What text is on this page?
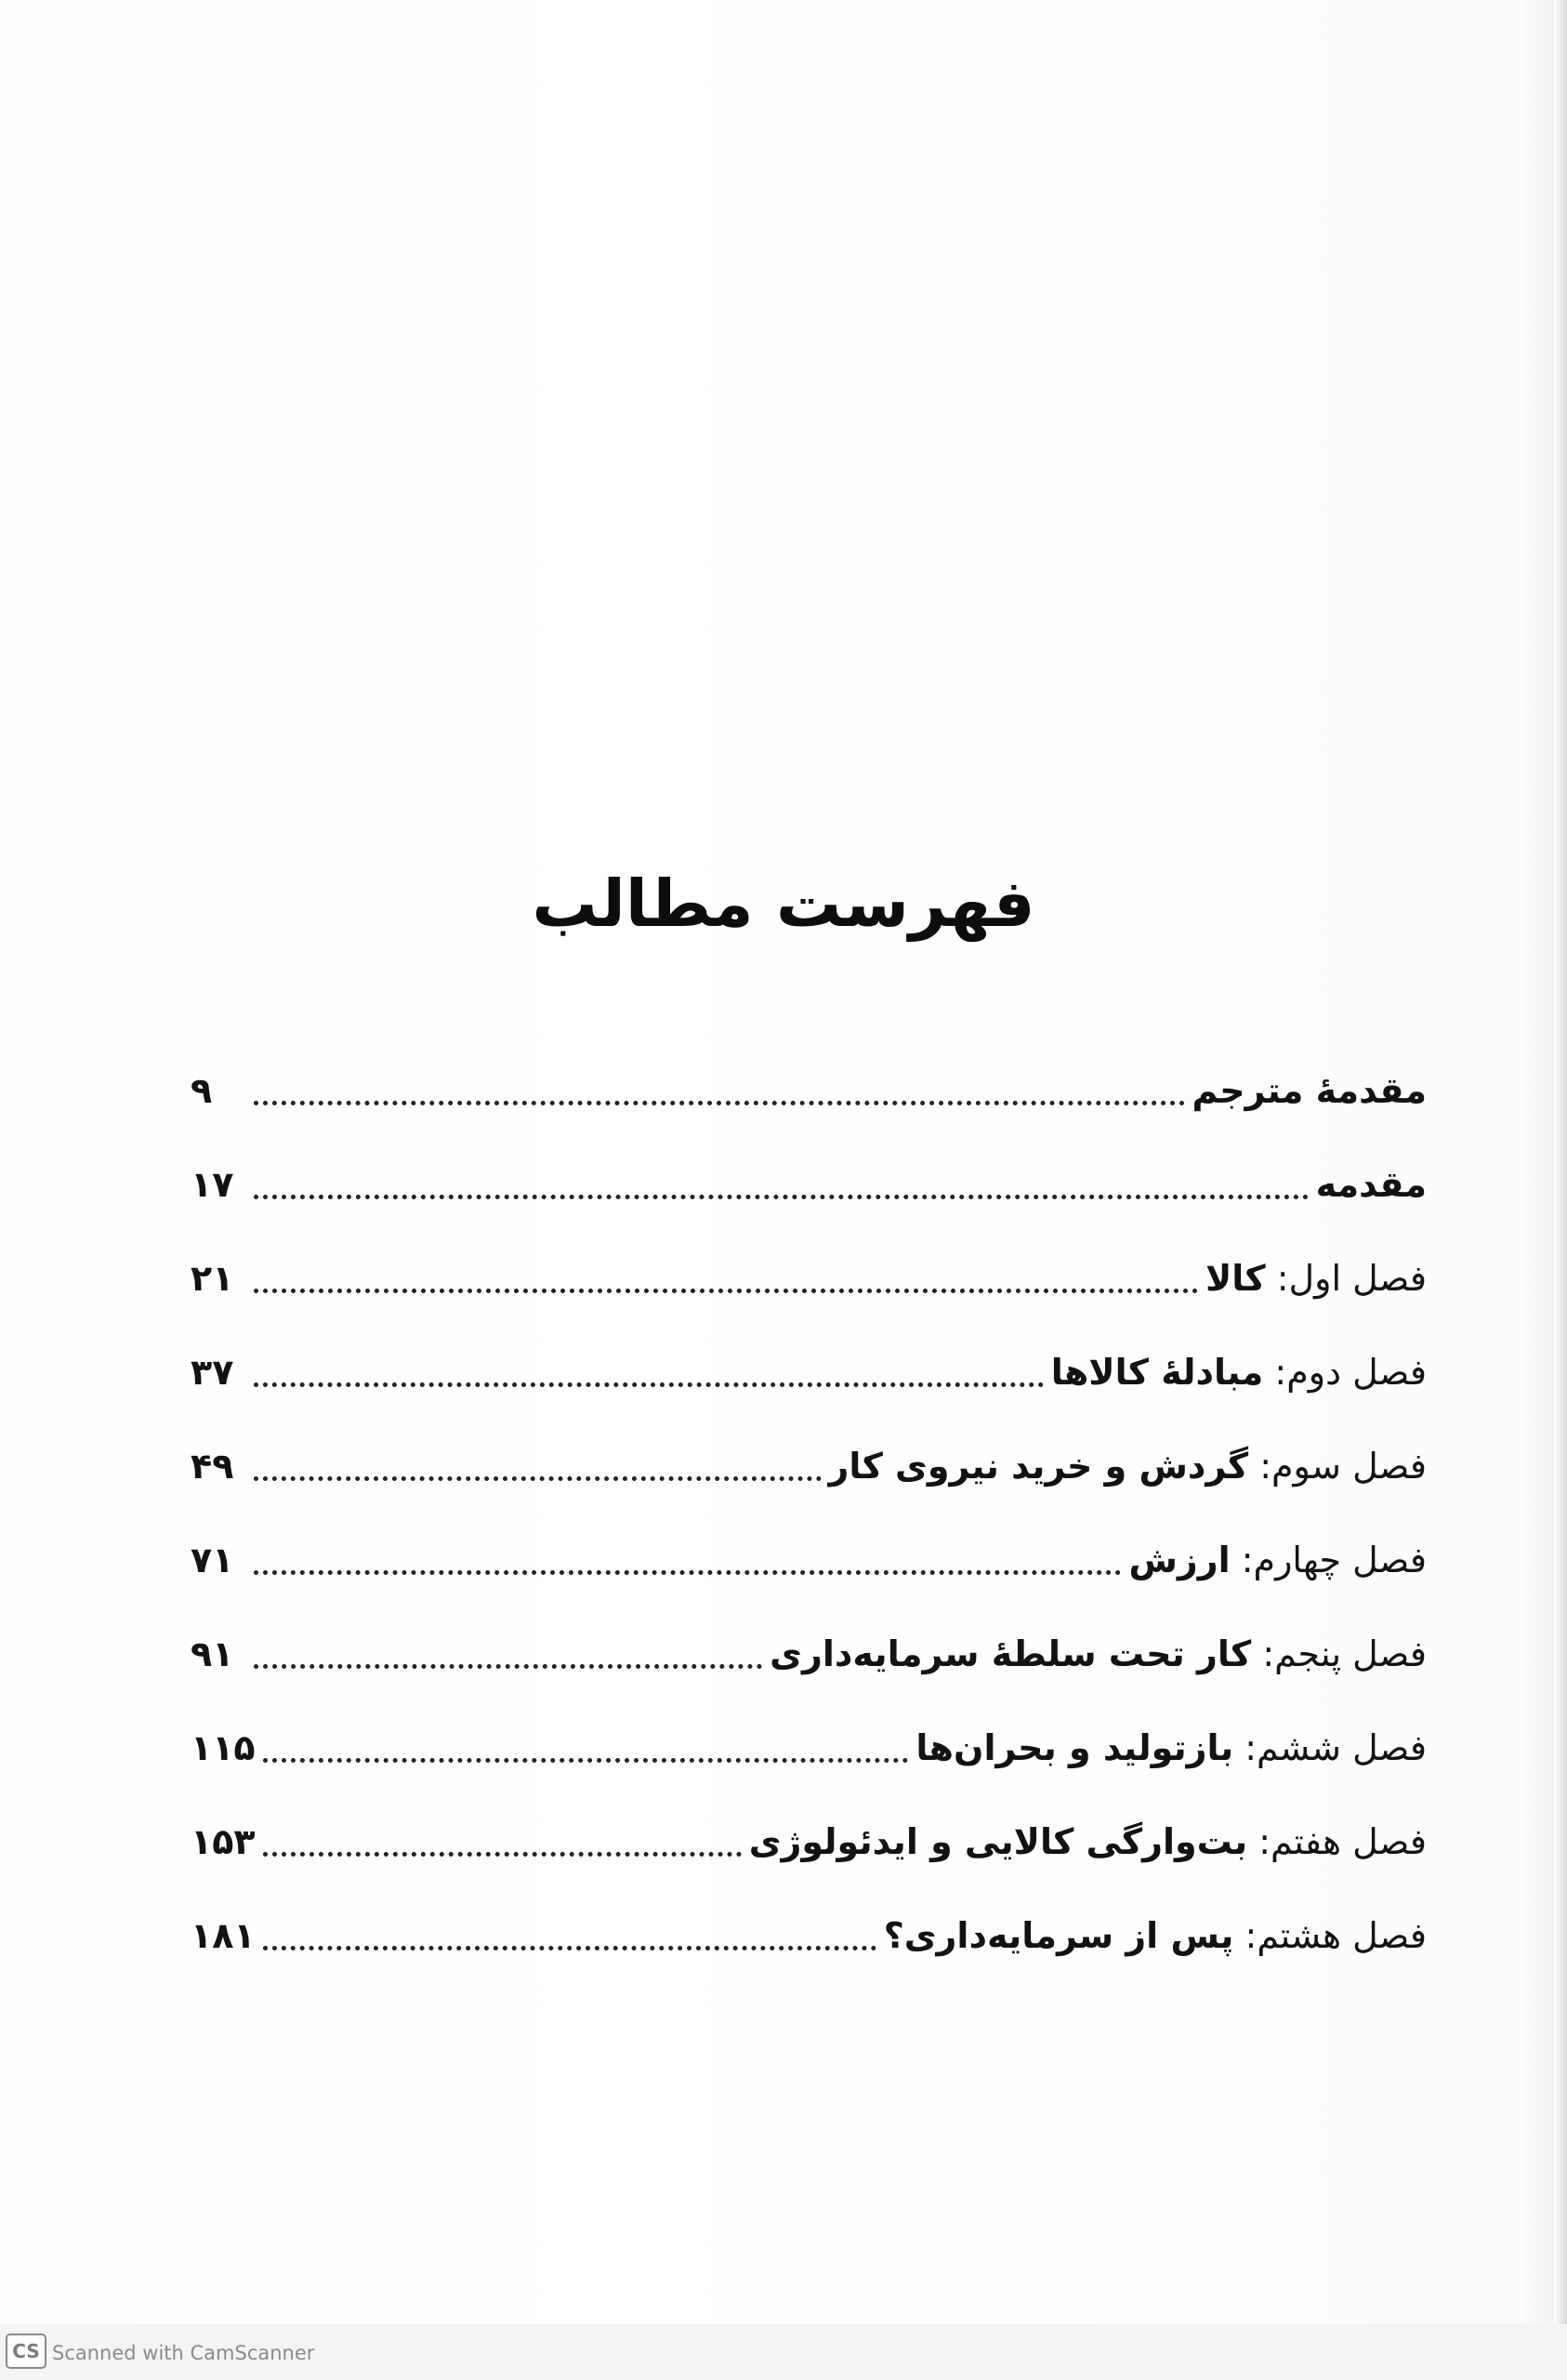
فهرست مطالب
مقدمهٔ مترجم
۹
مقدمه
۱۷
فصل اول: کالا
۲۱
فصل دوم: مبادلهٔ کالاها
۳۷
فصل سوم: گردش و خرید نیروی کار
۴۹
فصل چهارم: ارزش
۷۱
فصل پنجم: کار تحت سلطهٔ سرمایه‌داری
۹۱
فصل ششم: بازتولید و بحران‌ها
۱۱۵
فصل هفتم: بت‌وارگی کالایی و ایدئولوژی
۱۵۳
فصل هشتم: پس از سرمایه‌داری؟
۱۸۱
CS Scanned with CamScanner
